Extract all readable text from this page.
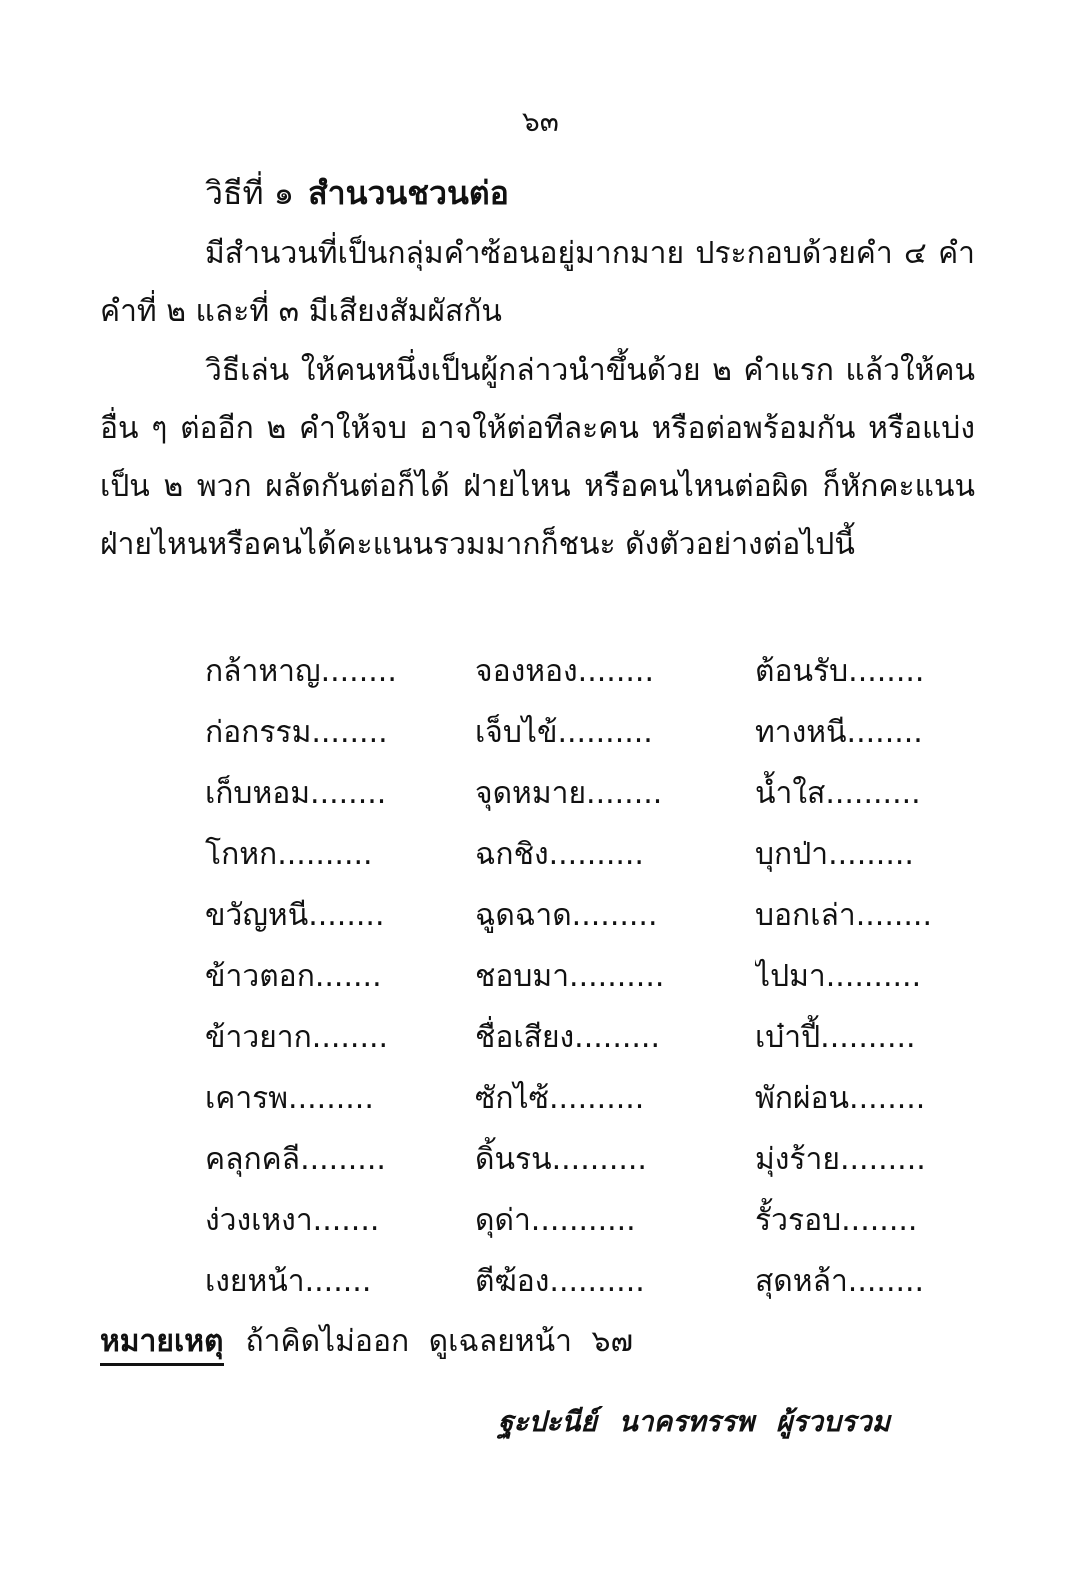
๖๓
วิธีที่ ๑ สำนวนชวนต่อ
มีสำนวนที่เป็นกลุ่มคำซ้อนอยู่มากมาย ประกอบด้วยคำ ๔ คำ คำที่ ๒ และที่ ๓ มีเสียงสัมผัสกัน
วิธีเล่น ให้คนหนึ่งเป็นผู้กล่าวนำขึ้นด้วย ๒ คำแรก แล้วให้คนอื่น ๆ ต่ออีก ๒ คำให้จบ อาจให้ต่อทีละคน หรือต่อพร้อมกัน หรือแบ่งเป็น ๒ พวก ผลัดกันต่อก็ได้ ฝ่ายไหน หรือคนไหนต่อผิด ก็หักคะแนน ฝ่ายไหนหรือคนได้คะแนนรวมมากก็ชนะ ดังตัวอย่างต่อไปนี้
กล้าหาญ........	จองหอง........	ต้อนรับ........
ก่อกรรม........	เจ็บไข้..........	ทางหนี........
เก็บหอม........	จุดหมาย........	น้ำใส..........
โกหก..........	ฉกชิง..........	บุกป่า.........
ขวัญหนี........	ฉูดฉาด.........	บอกเล่า........
ข้าวตอก.......	ชอบมา..........	ไปมา..........
ข้าวยาก........	ชื่อเสียง.........	เบ๋าปี้..........
เคารพ.........	ซักไซ้..........	พักผ่อน........
คลุกคลี.........	ดิ้นรน..........	มุ่งร้าย.........
ง่วงเหงา.......	ดุด่า...........	รั้วรอบ........
เงยหน้า.......	ตีฆ้อง..........	สุดหล้า........
หมายเหตุ ถ้าคิดไม่ออก ดูเฉลยหน้า ๖๗
ฐะปะนีย์ นาครทรรพ ผู้รวบรวม
